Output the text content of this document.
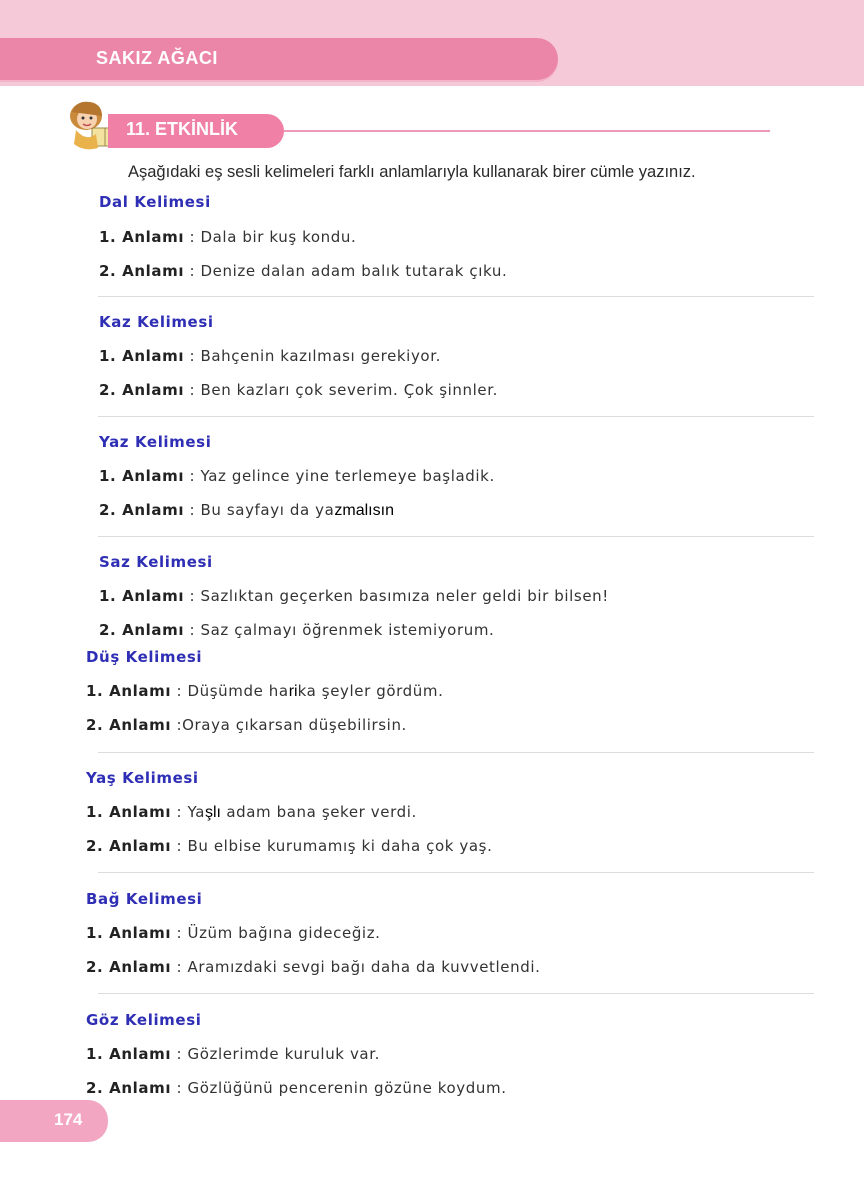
SAKIZ AĞACI
11. ETKİNLİK
Aşağıdaki eş sesli kelimeleri farklı anlamlarıyla kullanarak birer cümle yazınız.
Dal Kelimesi
1. Anlamı : Dala bir kuş kondu.
2. Anlamı : Denize dalan adam balık tutarak çıku.
Kaz Kelimesi
1. Anlamı : Bahçenin kazılması gerekiyor.
2. Anlamı : Ben kazları çok severim. Çok şinnler.
Yaz Kelimesi
1. Anlamı : Yaz gelince yine terlemeye başladik.
2. Anlamı : Bu sayfayı da yazmalısın
Saz Kelimesi
1. Anlamı : Sazlıktan geçerken basımıza neler geldi bir bilsen!
2. Anlamı : Saz çalmayı öğrenmek istemiyorum.
Düş Kelimesi
1. Anlamı : Düşümde harika şeyler gördüm.
2. Anlamı :Oraya çıkarsan düşebilirsin.
Yaş Kelimesi
1. Anlamı : Yaşlı adam bana şeker verdi.
2. Anlamı : Bu elbise kurumamış ki daha çok yaş.
Bağ Kelimesi
1. Anlamı : Üzüm bağına gideceğiz.
2. Anlamı : Aramızdaki sevgi bağı daha da kuvvetlendi.
Göz Kelimesi
1. Anlamı : Gözlerimde kuruluk var.
2. Anlamı : Gözlüğünü pencerenin gözüne koydum.
174
